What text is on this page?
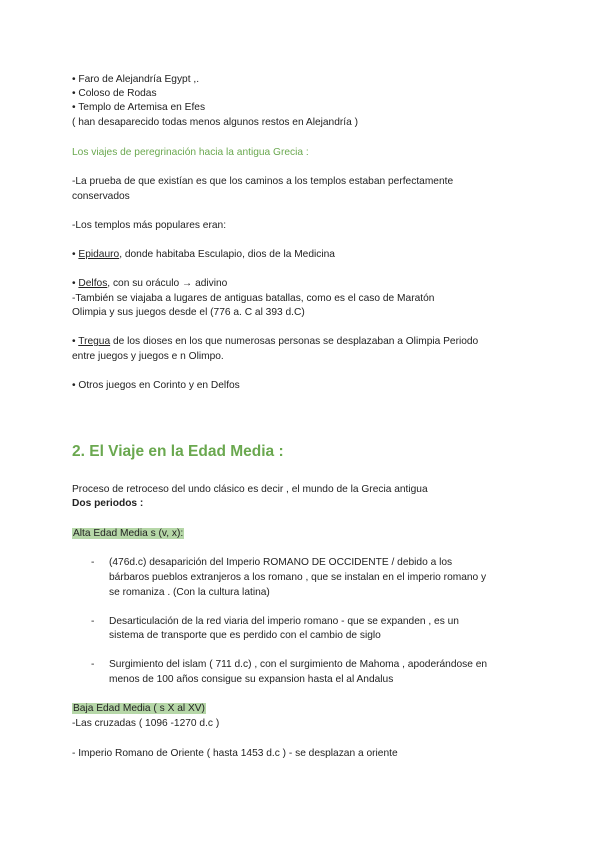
• Faro de Alejandría Egypt ,.
• Coloso de Rodas
• Templo de Artemisa en Efes
( han desaparecido todas menos algunos restos en Alejandría )
Los viajes de peregrinación hacia la antigua Grecia :
-La prueba de que existían es que los caminos a los templos estaban perfectamente
conservados
-Los templos más populares eran:
• Epidauro, donde habitaba Esculapio, dios de la Medicina
• Delfos, con su oráculo → adivino
-También se viajaba a lugares de antiguas batallas, como es el caso de Maratón
Olimpia y sus juegos desde el (776 a. C al 393 d.C)
• Tregua de los dioses en los que numerosas personas se desplazaban a Olimpia Periodo
entre juegos y juegos e n Olimpo.
• Otros juegos en Corinto y en Delfos
2. El Viaje en la Edad Media :
Proceso de retroceso del undo clásico es decir , el mundo de la Grecia antigua
Dos periodos :
Alta Edad Media s (v, x):
- (476d.c) desaparición del Imperio ROMANO DE OCCIDENTE / debido a los
bárbaros pueblos extranjeros a los romano , que se instalan en el imperio romano y
se romaniza . (Con la cultura latina)
- Desarticulación de la red viaria del imperio romano - que se expanden , es un
sistema de transporte que es perdido con el cambio de siglo
- Surgimiento del islam ( 711 d.c) , con el surgimiento de Mahoma , apoderándose en
menos de 100 años consigue su expansion hasta el al Andalus
Baja Edad Media ( s X al XV)
-Las cruzadas ( 1096 -1270 d.c )
- Imperio Romano de Oriente ( hasta 1453 d.c ) - se desplazan a oriente
